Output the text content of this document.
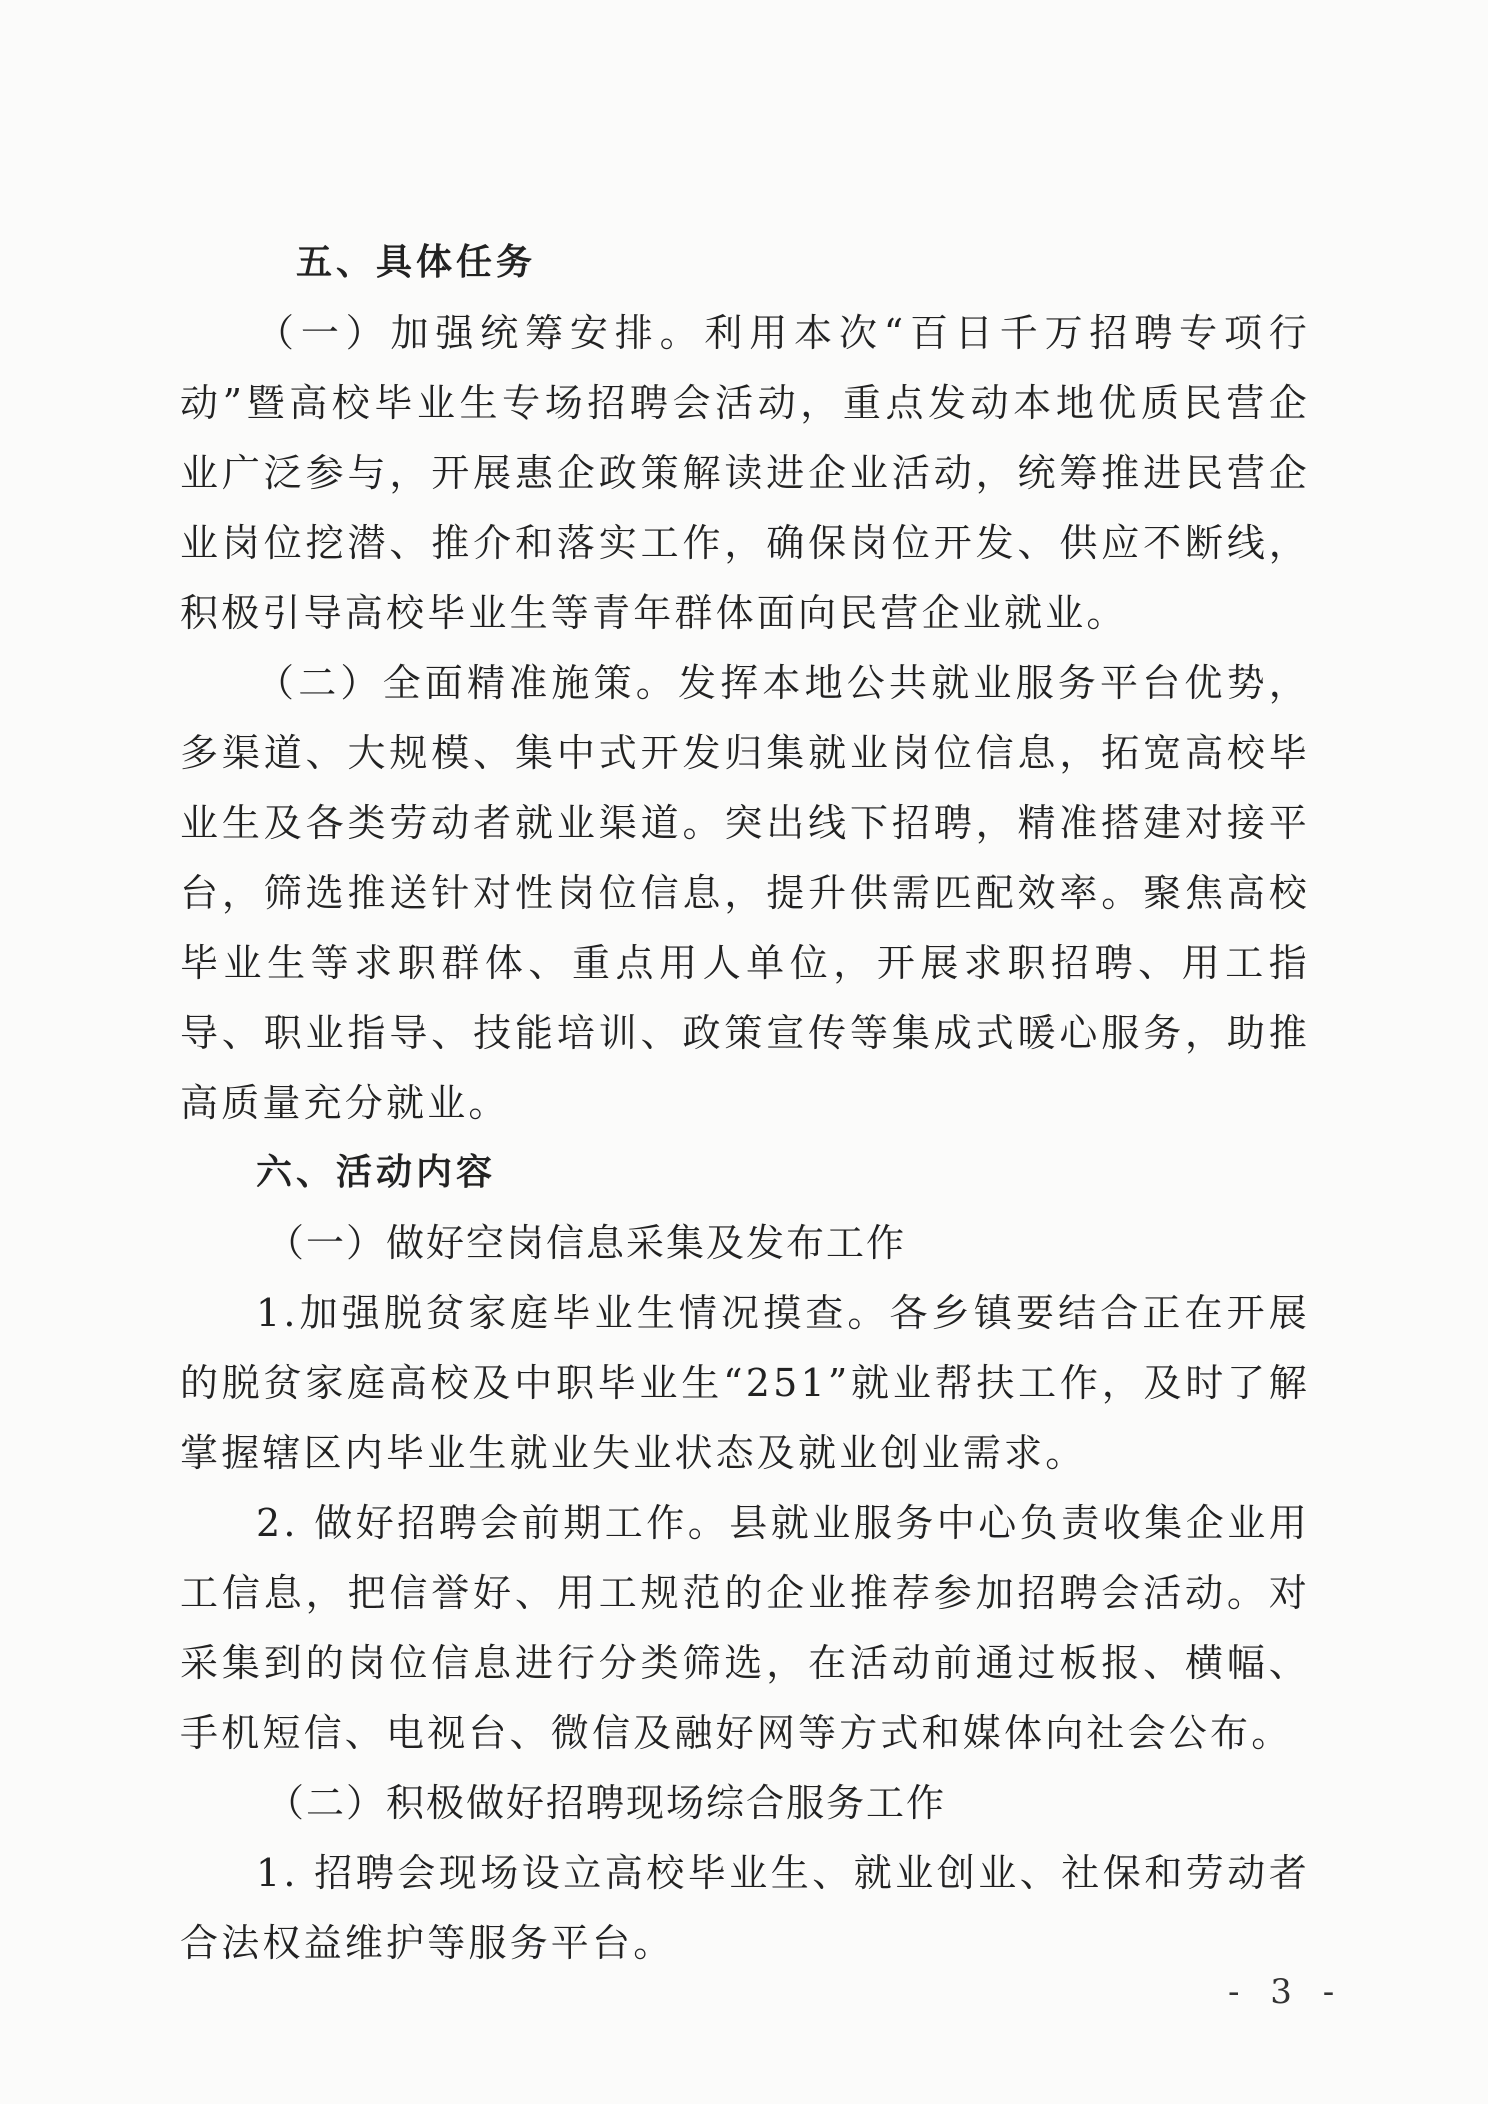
五、具体任务

（一）加强统筹安排。利用本次“百日千万招聘专项行动”暨高校毕业生专场招聘会活动，重点发动本地优质民营企业广泛参与，开展惠企政策解读进企业活动，统筹推进民营企业岗位挖潜、推介和落实工作，确保岗位开发、供应不断线，积极引导高校毕业生等青年群体面向民营企业就业。

（二）全面精准施策。发挥本地公共就业服务平台优势，多渠道、大规模、集中式开发归集就业岗位信息，拓宽高校毕业生及各类劳动者就业渠道。突出线下招聘，精准搭建对接平台，筛选推送针对性岗位信息，提升供需匹配效率。聚焦高校毕业生等求职群体、重点用人单位，开展求职招聘、用工指导、职业指导、技能培训、政策宣传等集成式暖心服务，助推高质量充分就业。

六、活动内容
（一）做好空岗信息采集及发布工作

1.加强脱贫家庭毕业生情况摸查。各乡镇要结合正在开展的脱贫家庭高校及中职毕业生“251”就业帮扶工作，及时了解掌握辖区内毕业生就业失业状态及就业创业需求。

2. 做好招聘会前期工作。县就业服务中心负责收集企业用工信息，把信誉好、用工规范的企业推荐参加招聘会活动。对采集到的岗位信息进行分类筛选，在活动前通过板报、横幅、手机短信、电视台、微信及融好网等方式和媒体向社会公布。

（二）积极做好招聘现场综合服务工作

1. 招聘会现场设立高校毕业生、就业创业、社保和劳动者合法权益维护等服务平台。

- 3 -
